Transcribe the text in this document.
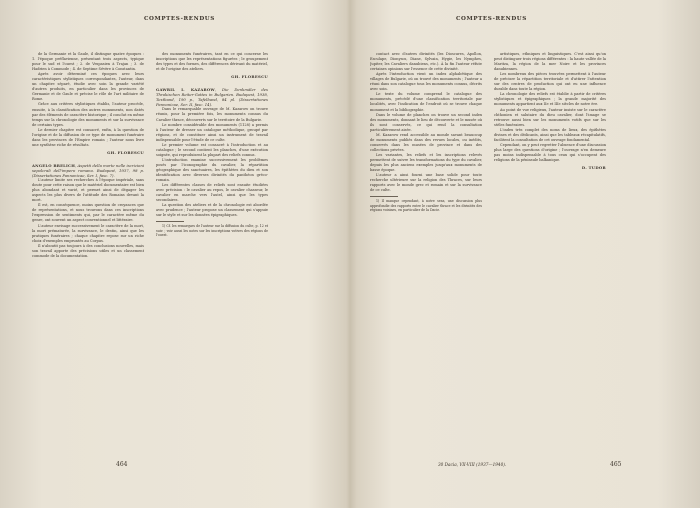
COMPTES-RENDUS

de la Germanie et la Gaule, il distingue quatre époques : 1. l'époque préflavienne, présentant trois aspects, typique pour le sud et l'ouest ; 2. de Vespasien à Trajan ; 3. de Hadrien à Commode ; 4. de Septime Sévère à Constantin.

Après avoir déterminé ces époques avec leurs caractéristiques stylistiques correspondantes, l'auteur, dans un chapitre séparé, étudie avec soin la grande variété d'autres produits, en particulier dans les provinces de Germanie et de Gaule et précise le rôle de l'art militaire de Rome.

Grâce aux critères stylistiques établis, l'auteur procède, ensuite, à la classification des autres monuments, non datés par des éléments de caractère historique ; il conclut en même temps sur la chronologie des monuments et sur la survivance de certains types.

Le dernier chapitre est consacré, enfin, à la question de l'origine et de la diffusion de ce type de monument funéraire dans les provinces de l'Empire romain ; l'auteur nous livre une synthèse riche de résultats.

GH. FLORESCU

ANGELO BRELICH, Aspetti della morte nelle iscrizioni sepolcrali dell'impero romano. Budapest, 1937, 98 p. (Dissertationes Pannonicae, Ser. I, fasc. 7).

L'auteur limite ses recherches à l'époque impériale, sans doute pour cette raison que le matériel documentaire est bien plus abondant et varié, et permet ainsi de dégager les aspects les plus divers de l'attitude des Romains devant la mort.

Il est, en conséquence, moins question de croyances que de représentations, et nous trouvons dans ces inscriptions l'expression de sentiments qui, par le caractère même du genre, ont souvent un aspect conventionnel et littéraire.

L'auteur envisage successivement le caractère de la mort, la mort prématurée, la survivance, le destin, ainsi que les pratiques funéraires ; chaque chapitre repose sur un riche choix d'exemples empruntés au Corpus.

Il n'aboutit pas toujours à des conclusions nouvelles, mais son travail apporte des précisions utiles et un classement commode de la documentation.

des monuments funéraires, tant en ce qui concerne les inscriptions que les représentations figurées ; le groupement des types et des formes, des différences dérivant du matériel, et de l'origine des ateliers.

GH. FLORESCU

GAWRIL I. KAZAROW, Die Denkmäler des Thrakischen Reiter-Gottes in Bulgarien. Budapest, 1938, Textband, 190 p., Tafelband, 84 pl. (Dissertationes Pannonicae, Ser. II, fasc. 14).

Dans le remarquable ouvrage de M. Kazarow on trouve réunis, pour la première fois, les monuments connus du Cavalier thrace, découverts sur le territoire de la Bulgarie.

Le nombre considérable des monuments (1128) a permis à l'auteur de dresser un catalogue méthodique, groupé par régions, et de constituer ainsi un instrument de travail indispensable pour l'étude de ce culte.

Le premier volume est consacré à l'introduction et au catalogue ; le second contient les planches, d'une exécution soignée, qui reproduisent la plupart des reliefs connus.

L'introduction examine successivement les problèmes posés par l'iconographie du cavalier, la répartition géographique des sanctuaires, les épithètes du dieu et son identification avec diverses divinités du panthéon gréco-romain.

Les différentes classes de reliefs sont ensuite étudiées avec précision : le cavalier au repos, le cavalier chasseur, le cavalier en marche vers l'autel, ainsi que les types secondaires.

La question des ateliers et de la chronologie est abordée avec prudence ; l'auteur propose un classement qui s'appuie sur le style et sur les données épigraphiques.

1) Cf. les remarques de l'auteur sur la diffusion du culte, p. 12 et suiv. ; voir aussi les notes sur les inscriptions votives des régions de l'ouest.

464
COMPTES-RENDUS

contact avec d'autres divinités (les Dioscures, Apollon, Esculape, Dionysos, Diane, Sylvain, Hygie, les Nymphes, Jupiter, les Cavaliers danubiens, etc.). À la fin l'auteur réfute certaines opinions sur l'essence de cette divinité.

Après l'introduction vient un index alphabétique des villages de Bulgarie, où on trouvé des monuments ; l'auteur a réuni dans son catalogue tous les monuments connus, décrits avec soin.

Le texte du volume comprend le catalogue des monuments, précédé d'une classification territoriale par localités, avec l'indication de l'endroit où se trouve chaque monument et la bibliographie.

Dans le volume de planches on trouve un second index des monuments, donnant le lieu de découverte et le musée où ils sont conservés, ce qui rend la consultation particulièrement aisée.

M. Kazarow rend accessible au monde savant beaucoup de monuments publiés dans des revues locales, ou inédits, conservés dans les musées de province et dans des collections privées.

Les variantes, les reliefs et les inscriptions relevés permettent de suivre les transformations du type du cavalier, depuis les plus anciens exemples jusqu'aux monuments de basse époque.

L'auteur a ainsi fourni une base solide pour toute recherche ultérieure sur la religion des Thraces, sur leurs rapports avec le monde grec et romain et sur la survivance de ce culte.

1) Il manque cependant, à notre sens, une discussion plus approfondie des rapports entre le cavalier thrace et les divinités des régions voisines, en particulier de la Dacie.

artistiques, ethniques et linguistiques. C'est ainsi qu'on peut distinguer trois régions différentes : la haute vallée de la Maritza, la région de la mer Noire et les provinces danubiennes.

Les nombreux des pièces trouvées permettent à l'auteur de préciser la répartition territoriale et d'attirer l'attention sur des centres de production qui ont eu une influence durable dans toute la région.

La chronologie des reliefs est établie à partir de critères stylistiques et épigraphiques ; la grande majorité des monuments appartient aux IIe et IIIe siècles de notre ère.

Au point de vue religieux, l'auteur insiste sur le caractère chthonien et salutaire du dieu cavalier, dont l'image se retrouve aussi bien sur les monuments votifs que sur les stèles funéraires.

L'index très complet des noms de lieux, des épithètes divines et des dédicants, ainsi que les tableaux récapitulatifs, facilitent la consultation de cet ouvrage fondamental.

Cependant, on y peut regretter l'absence d'une discussion plus large des questions d'origine ; l'ouvrage n'en demeure pas moins indispensable à tous ceux qui s'occupent des religions de la péninsule balkanique.

D. TUDOR
30 Dacia, VII-VIII (1937—1940).	465
